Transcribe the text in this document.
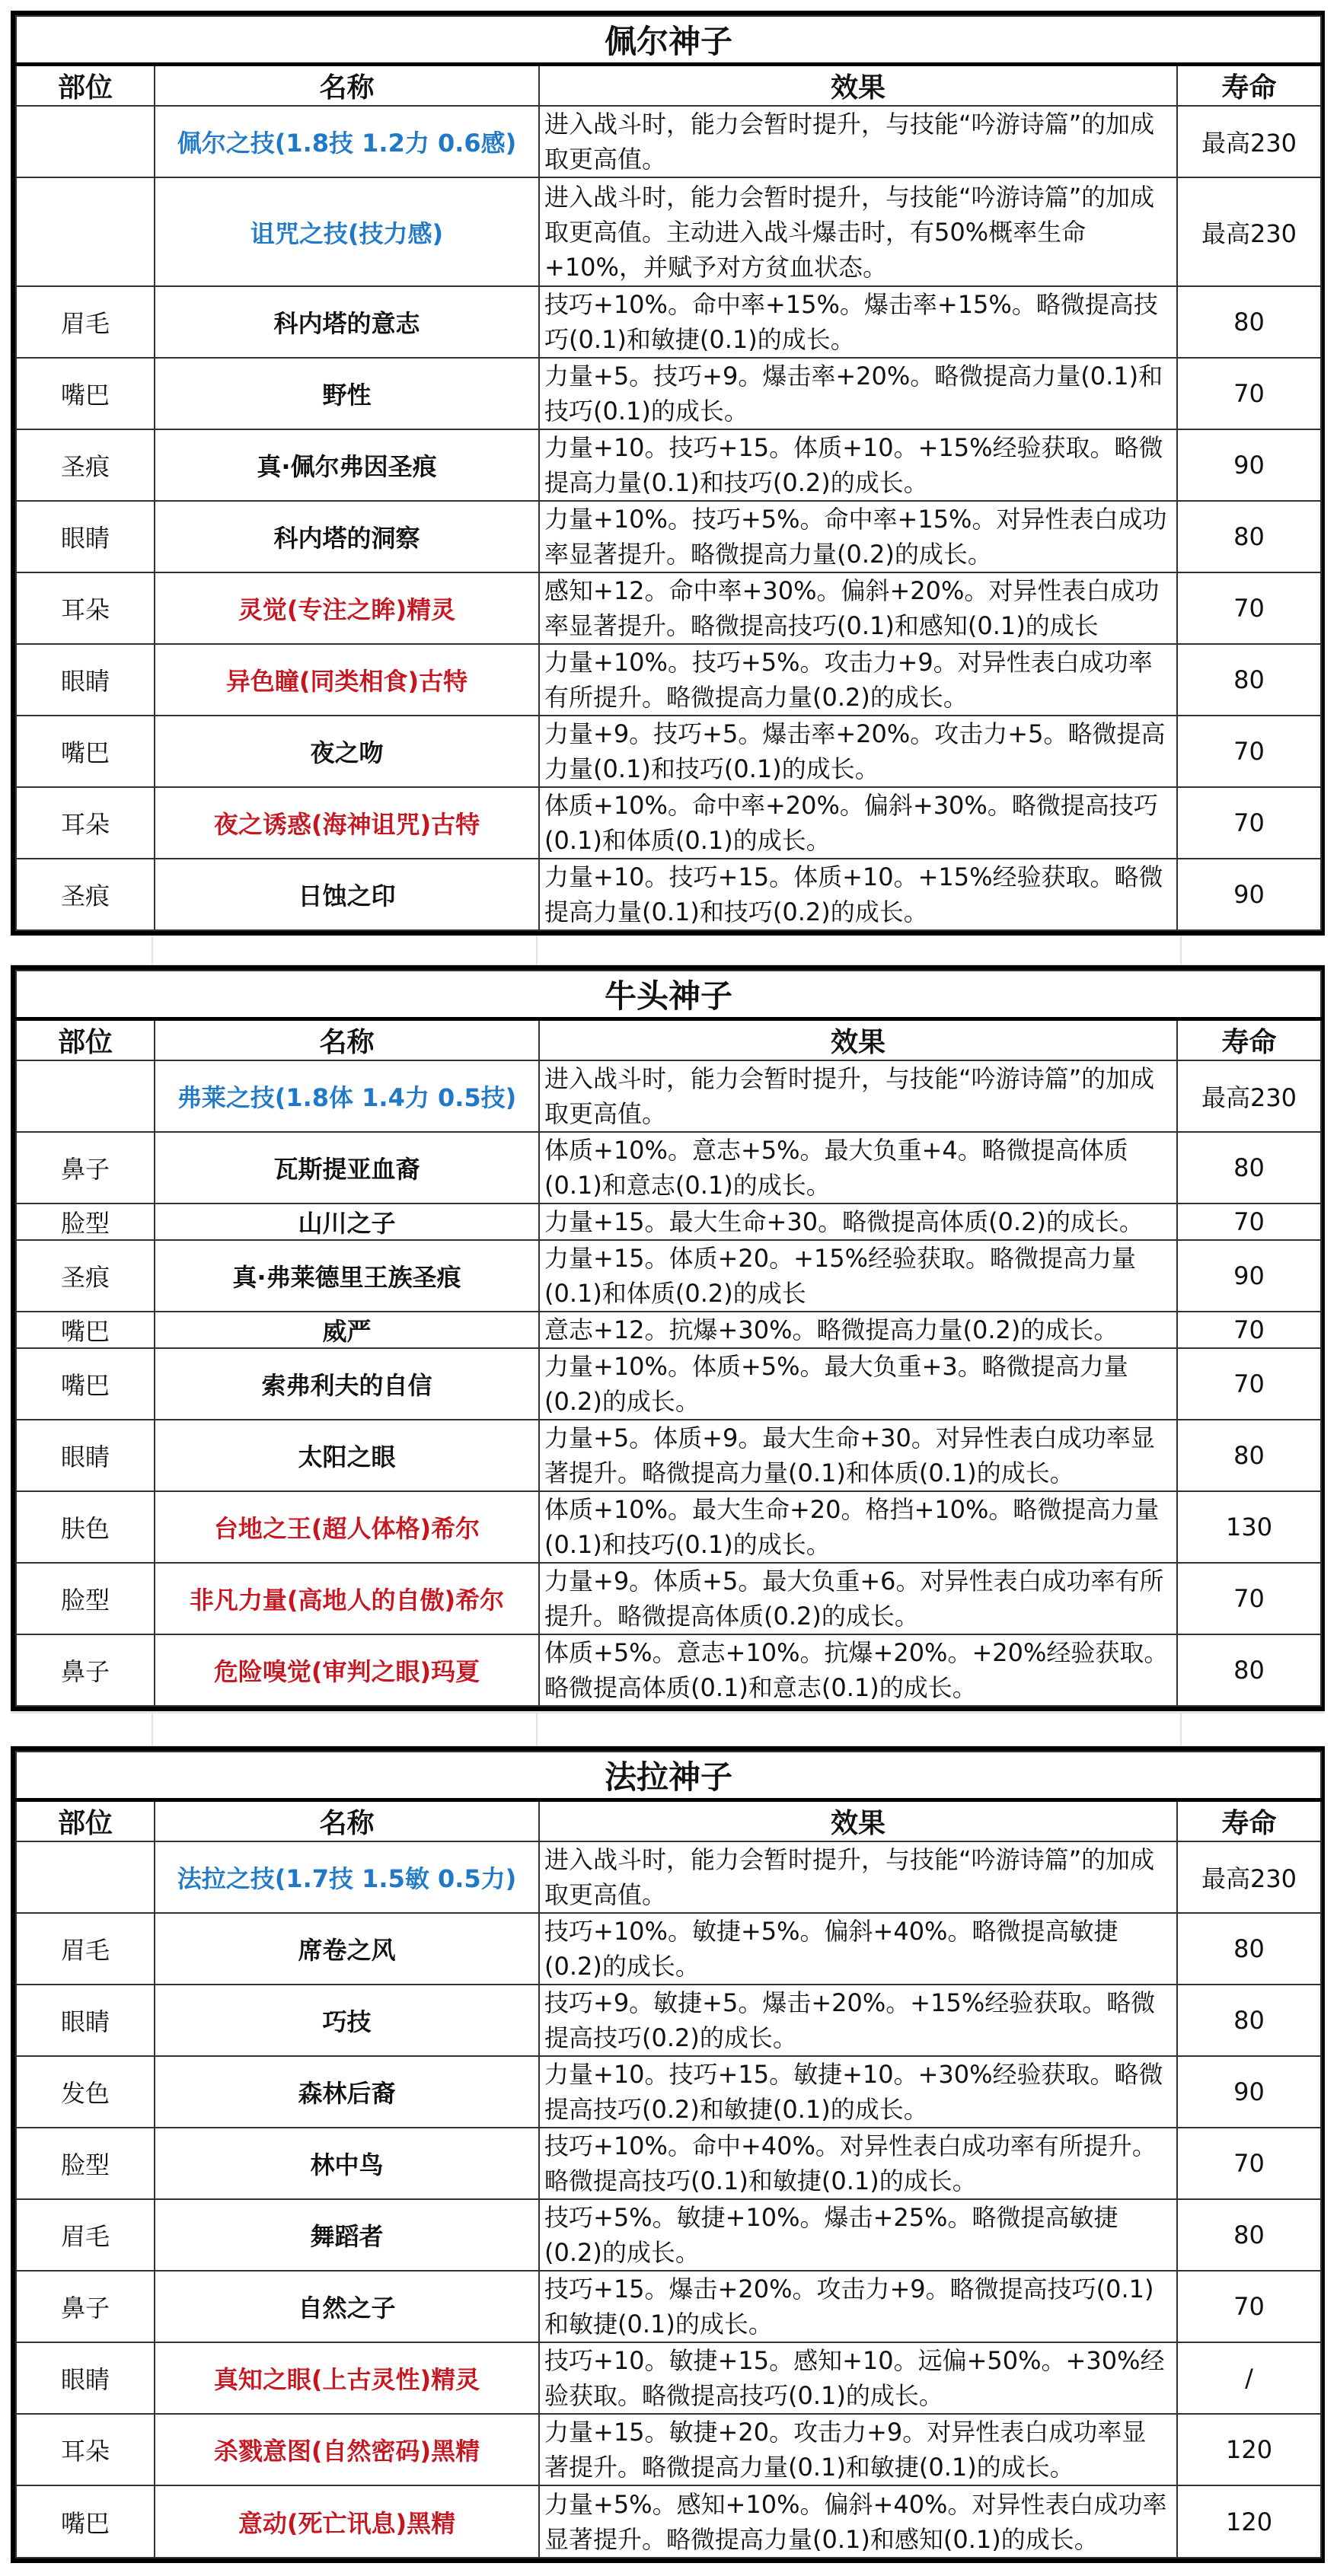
佩尔神子			
部位	名称	效果	寿命
	佩尔之技(1.8技 1.2力 0.6感)	进入战斗时，能力会暂时提升，与技能“吟游诗篇”的加成取更高值。	最高230
	诅咒之技(技力感)	进入战斗时，能力会暂时提升，与技能“吟游诗篇”的加成取更高值。主动进入战斗爆击时，有50%概率生命+10%，并赋予对方贫血状态。	最高230
眉毛	科内塔的意志	技巧+10%。命中率+15%。爆击率+15%。略微提高技巧(0.1)和敏捷(0.1)的成长。	80
嘴巴	野性	力量+5。技巧+9。爆击率+20%。略微提高力量(0.1)和技巧(0.1)的成长。	70
圣痕	真·佩尔弗因圣痕	力量+10。技巧+15。体质+10。+15%经验获取。略微提高力量(0.1)和技巧(0.2)的成长。	90
眼睛	科内塔的洞察	力量+10%。技巧+5%。命中率+15%。对异性表白成功率显著提升。略微提高力量(0.2)的成长。	80
耳朵	灵觉(专注之眸)精灵	感知+12。命中率+30%。偏斜+20%。对异性表白成功率显著提升。略微提高技巧(0.1)和感知(0.1)的成长	70
眼睛	异色瞳(同类相食)古特	力量+10%。技巧+5%。攻击力+9。对异性表白成功率有所提升。略微提高力量(0.2)的成长。	80
嘴巴	夜之吻	力量+9。技巧+5。爆击率+20%。攻击力+5。略微提高力量(0.1)和技巧(0.1)的成长。	70
耳朵	夜之诱惑(海神诅咒)古特	体质+10%。命中率+20%。偏斜+30%。略微提高技巧(0.1)和体质(0.1)的成长。	70
圣痕	日蚀之印	力量+10。技巧+15。体质+10。+15%经验获取。略微提高力量(0.1)和技巧(0.2)的成长。	90
牛头神子			
部位	名称	效果	寿命
	弗莱之技(1.8体 1.4力 0.5技)	进入战斗时，能力会暂时提升，与技能“吟游诗篇”的加成取更高值。	最高230
鼻子	瓦斯提亚血裔	体质+10%。意志+5%。最大负重+4。略微提高体质(0.1)和意志(0.1)的成长。	80
脸型	山川之子	力量+15。最大生命+30。略微提高体质(0.2)的成长。	70
圣痕	真·弗莱德里王族圣痕	力量+15。体质+20。+15%经验获取。略微提高力量(0.1)和体质(0.2)的成长	90
嘴巴	威严	意志+12。抗爆+30%。略微提高力量(0.2)的成长。	70
嘴巴	索弗利夫的自信	力量+10%。体质+5%。最大负重+3。略微提高力量(0.2)的成长。	70
眼睛	太阳之眼	力量+5。体质+9。最大生命+30。对异性表白成功率显著提升。略微提高力量(0.1)和体质(0.1)的成长。	80
肤色	台地之王(超人体格)希尔	体质+10%。最大生命+20。格挡+10%。略微提高力量(0.1)和技巧(0.1)的成长。	130
脸型	非凡力量(高地人的自傲)希尔	力量+9。体质+5。最大负重+6。对异性表白成功率有所提升。略微提高体质(0.2)的成长。	70
鼻子	危险嗅觉(审判之眼)玛夏	体质+5%。意志+10%。抗爆+20%。+20%经验获取。略微提高体质(0.1)和意志(0.1)的成长。	80
法拉神子			
部位	名称	效果	寿命
	法拉之技(1.7技 1.5敏 0.5力)	进入战斗时，能力会暂时提升，与技能“吟游诗篇”的加成取更高值。	最高230
眉毛	席卷之风	技巧+10%。敏捷+5%。偏斜+40%。略微提高敏捷(0.2)的成长。	80
眼睛	巧技	技巧+9。敏捷+5。爆击+20%。+15%经验获取。略微提高技巧(0.2)的成长。	80
发色	森林后裔	力量+10。技巧+15。敏捷+10。+30%经验获取。略微提高技巧(0.2)和敏捷(0.1)的成长。	90
脸型	林中鸟	技巧+10%。命中+40%。对异性表白成功率有所提升。略微提高技巧(0.1)和敏捷(0.1)的成长。	70
眉毛	舞蹈者	技巧+5%。敏捷+10%。爆击+25%。略微提高敏捷(0.2)的成长。	80
鼻子	自然之子	技巧+15。爆击+20%。攻击力+9。略微提高技巧(0.1)和敏捷(0.1)的成长。	70
眼睛	真知之眼(上古灵性)精灵	技巧+10。敏捷+15。感知+10。远偏+50%。+30%经验获取。略微提高技巧(0.1)的成长。	/
耳朵	杀戮意图(自然密码)黑精	力量+15。敏捷+20。攻击力+9。对异性表白成功率显著提升。略微提高力量(0.1)和敏捷(0.1)的成长。	120
嘴巴	意动(死亡讯息)黑精	力量+5%。感知+10%。偏斜+40%。对异性表白成功率显著提升。略微提高力量(0.1)和感知(0.1)的成长。	120
